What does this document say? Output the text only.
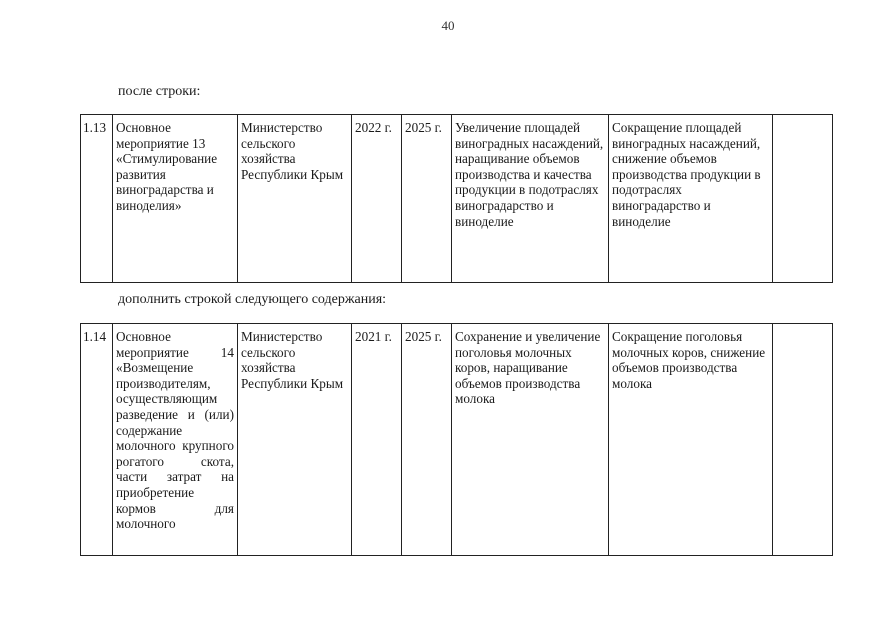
40
после строки:
1.13	Основное мероприятие 13 «Стимулирование развития виноградарства и виноделия»	Министерство сельского хозяйства Республики Крым	2022 г.	2025 г.	Увеличение площадей виноградных насаждений, наращивание объемов производства и качества продукции в подотраслях виноградарство и виноделие	Сокращение площадей виноградных насаждений, снижение объемов производства продукции в подотраслях виноградарство и виноделие	
дополнить строкой следующего содержания:
1.14	Основное мероприятие 14 «Возмещение производителям, осуществляющим разведение и (или) содержание молочного крупного рогатого скота, части затрат на приобретение кормов для молочного	Министерство сельского хозяйства Республики Крым	2021 г.	2025 г.	Сохранение и увеличение поголовья молочных коров, наращивание объемов производства молока	Сокращение поголовья молочных коров, снижение объемов производства молока	
